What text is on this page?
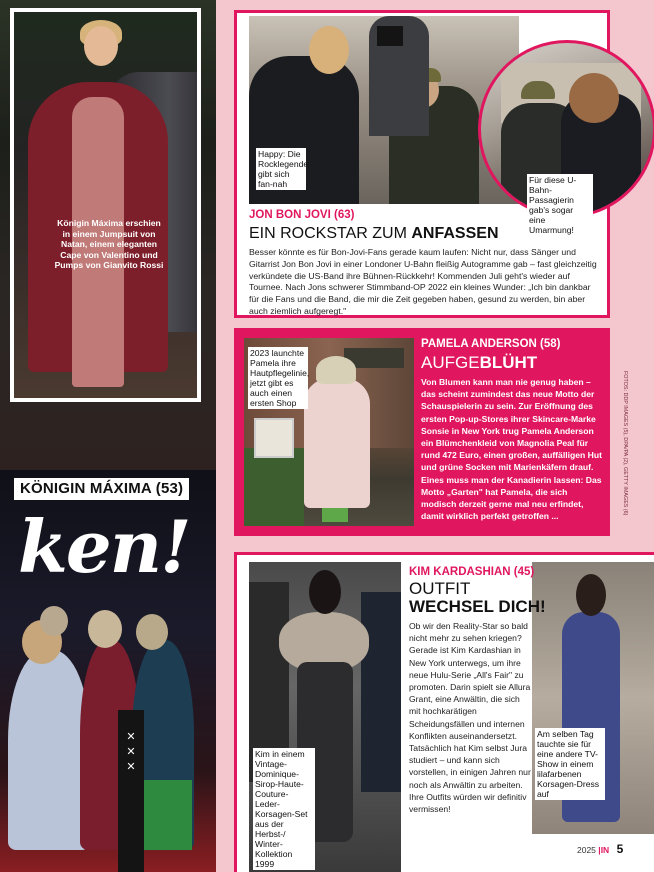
Königin Máxima erschien in einem Jumpsuit von Natan, einem eleganten Cape von Valentino und Pumps von Gianvito Rossi
KÖNIGIN MÁXIMA (53)
ken!
✕
✕
✕
Happy: Die Rocklegende gibt sich fan-nah	Für diese U-Bahn-Passagierin gab's sogar eine Umarmung!
JON BON JOVI (63)
EIN ROCKSTAR ZUM ANFASSEN
Besser könnte es für Bon-Jovi-Fans gerade kaum laufen: Nicht nur, dass Sänger und Gitarrist Jon Bon Jovi in einer Londoner U-Bahn fleißig Autogramme gab – fast gleichzeitig verkündete die US-Band ihre Bühnen-Rückkehr! Kommenden Juli geht's wieder auf Tournee. Nach Jons schwerer Stimmband-OP 2022 ein kleines Wunder: „Ich bin dankbar für die Fans und die Band, die mir die Zeit gegeben haben, gesund zu werden, bin aber auch ziemlich aufgeregt."
2023 launchte Pamela ihre Hautpflegelinie, jetzt gibt es auch einen ersten Shop
PAMELA ANDERSON (58)
AUFGEBLÜHT
Von Blumen kann man nie genug haben – das scheint zumindest das neue Motto der Schauspielerin zu sein. Zur Eröffnung des ersten Pop-up-Stores ihrer Skincare-Marke Sonsie in New York trug Pamela Anderson ein Blümchenkleid von Magnolia Peal für rund 472 Euro, einen großen, auffälligen Hut und grüne Socken mit Marienkäfern drauf. Eines muss man der Kanadierin lassen: Das Motto „Garten" hat Pamela, die sich modisch derzeit gerne mal neu erfindet, damit wirklich perfekt getroffen ...
FOTOS: DDP IMAGES (5), DPA/PA (2), GETTY IMAGES (6)
Kim in einem Vintage-Dominique-Sirop-Haute-Couture-Leder-Korsagen-Set aus der Herbst-/ Winter-Kollektion 1999
Am selben Tag tauchte sie für eine andere TV-Show in einem lilafarbenen Korsagen-Dress auf
KIM KARDASHIAN (45)
OUTFIT
WECHSEL DICH!
Ob wir den Reality-Star so bald nicht mehr zu sehen kriegen? Gerade ist Kim Kardashian in New York unterwegs, um ihre neue Hulu-Serie „All's Fair" zu promoten. Darin spielt sie Allura Grant, eine Anwältin, die sich mit hochkarätigen Scheidungsfällen und internen Konflikten auseinandersetzt. Tatsächlich hat Kim selbst Jura studiert – und kann sich vorstellen, in einigen Jahren nur noch als Anwältin zu arbeiten. Ihre Outfits würden wir definitiv vermissen!
2025 |IN 5
